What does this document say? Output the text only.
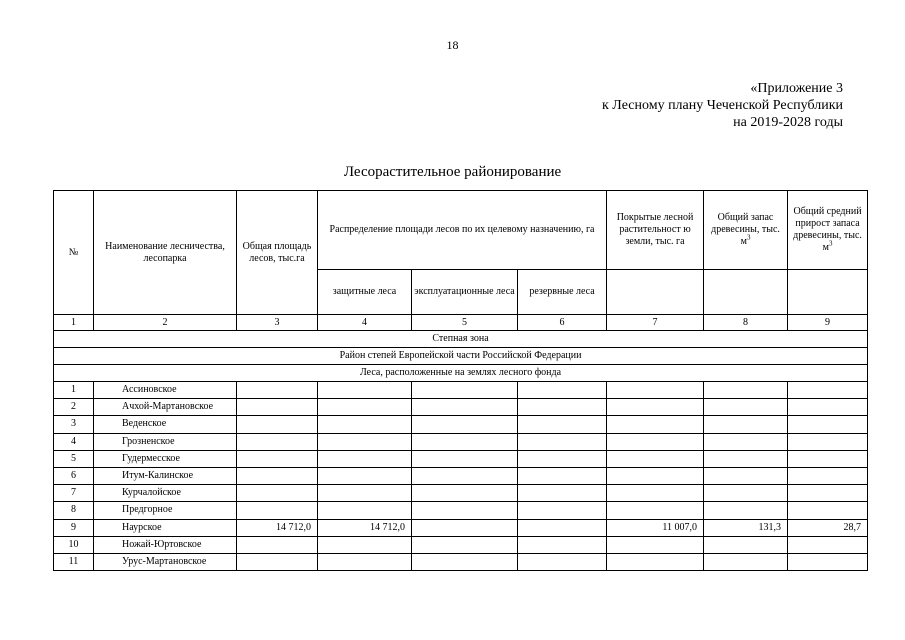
18
«Приложение 3
к Лесному плану Чеченской Республики
на 2019-2028 годы
Лесорастительное районирование
№	Наименование лесничества, лесопарка	Общая площадь лесов, тыс.га	Распределение площади лесов по их целевому назначению, га			Покрытые лесной растительност ю земли, тыс. га	Общий запас древесины, тыс. $м^3$	Общий средний прирост запаса древесины, тыс. $м^3$
			защитные леса	эксплуатационные леса	резервные леса			
1	2	3	4	5	6	7	8	9
Степная зона								
Район степей Европейской части Российской Федерации								
Леса, расположенные на землях лесного фонда								
1	Ассиновское							
2	Ачхой-Мартановское							
3	Веденское							
4	Грозненское							
5	Гудермесское							
6	Итум-Калинское							
7	Курчалойское							
8	Предгорное							
9	Наурское	14 712,0	14 712,0			11 007,0	131,3	28,7
10	Ножай-Юртовское							
11	Урус-Мартановское							
